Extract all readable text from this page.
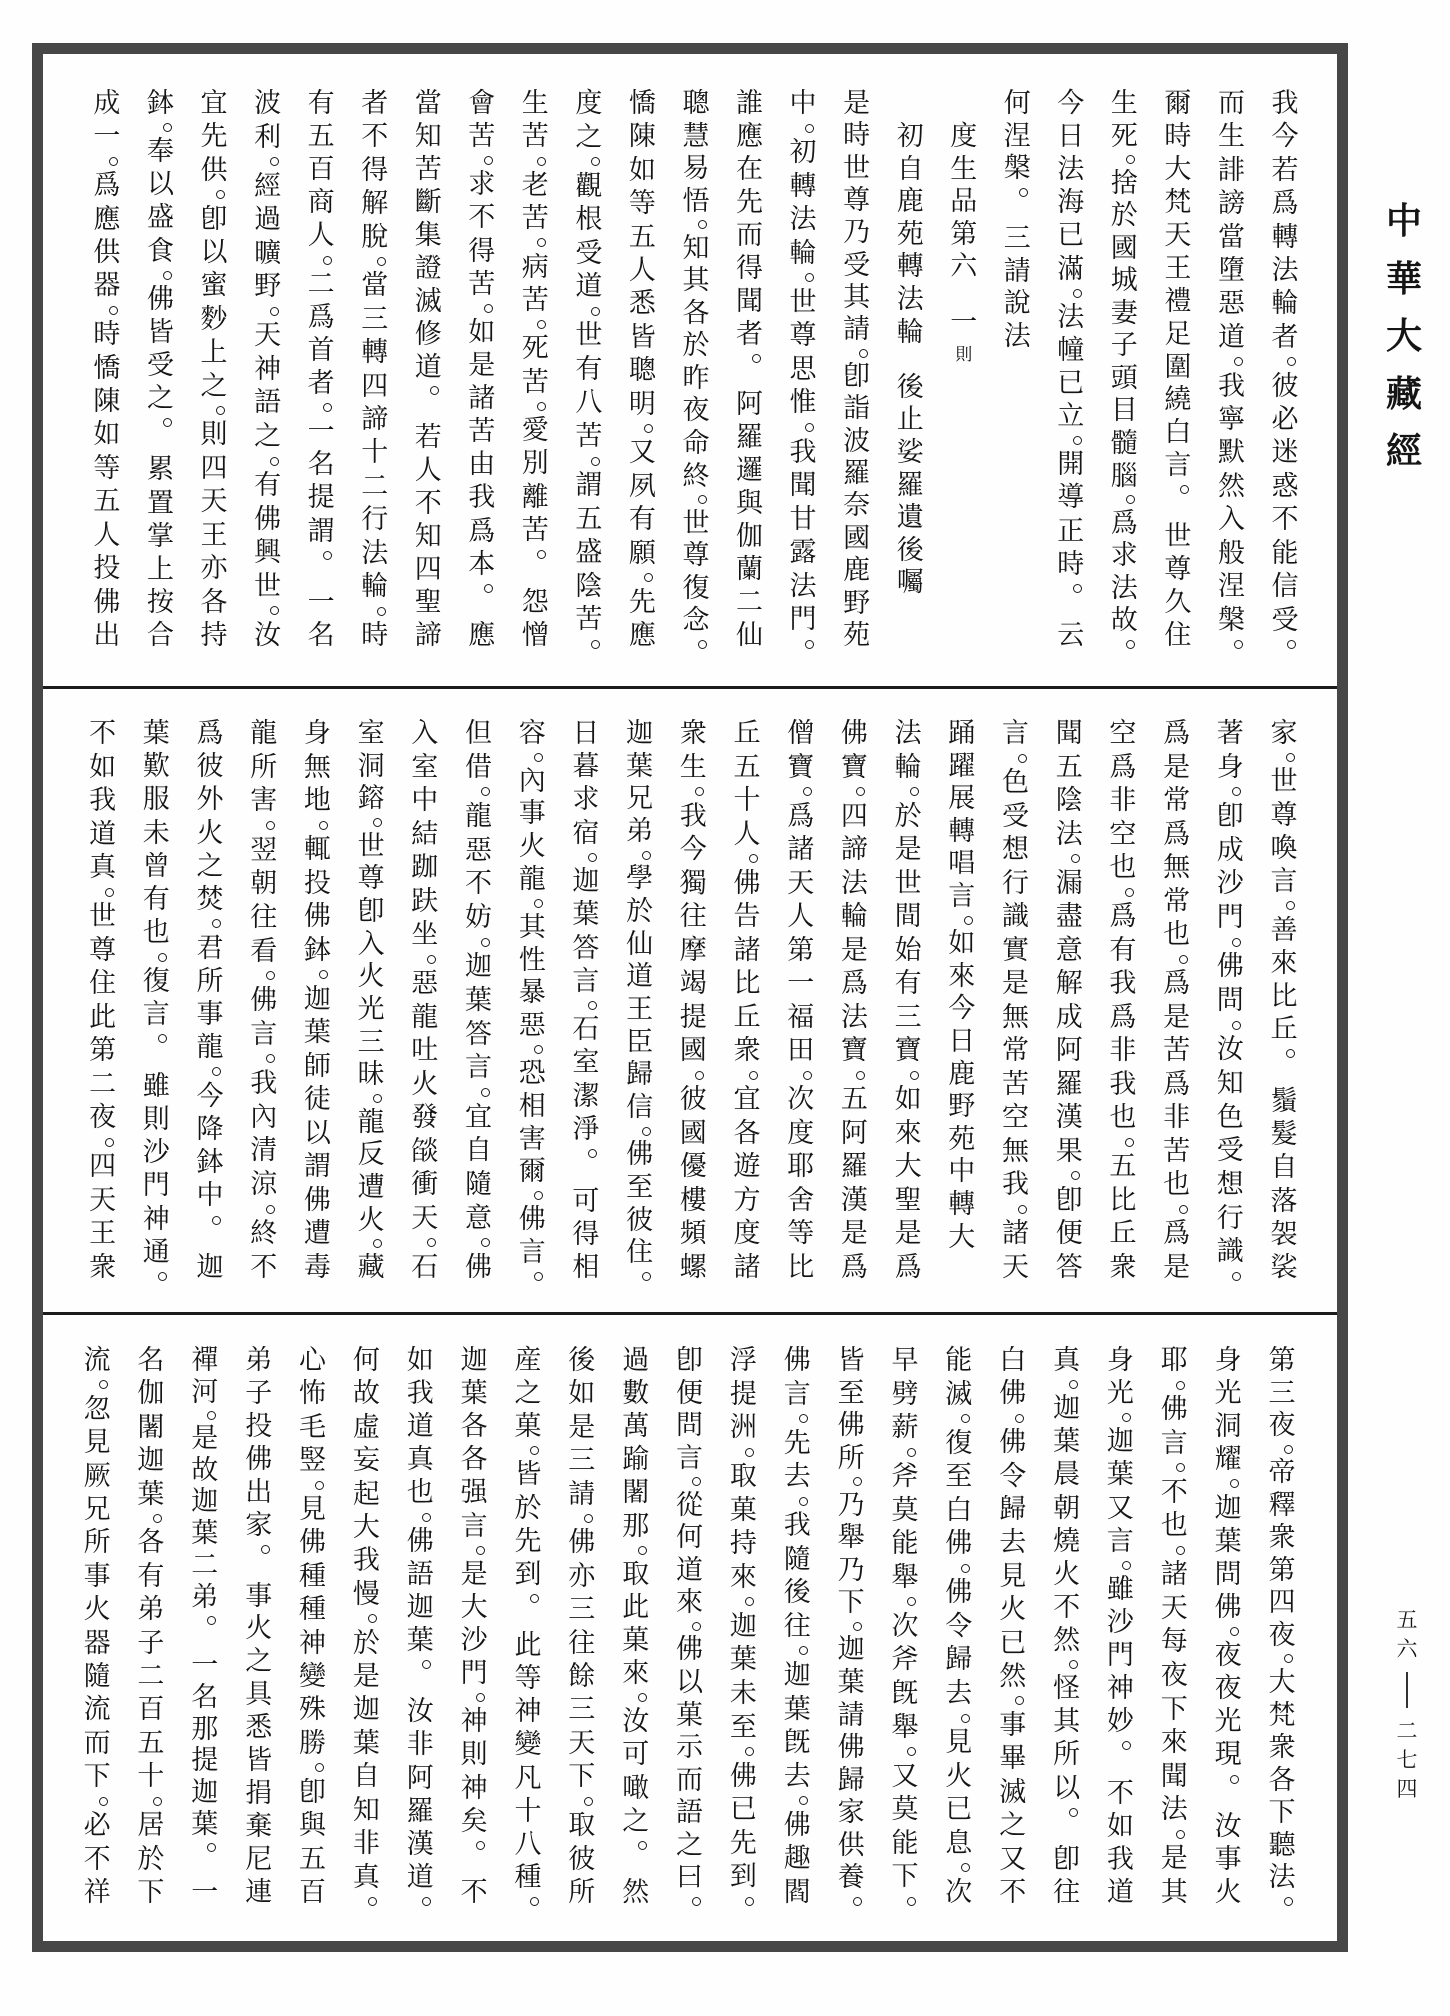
我
今
若
爲
轉
法
輪
者
彼
必
迷
惑
不
能
信
受
而
生
誹
謗
當
墮
惡
道
我
寧
默
然
入
般
涅
槃
爾
時
大
梵
天
王
禮
足
圍
繞
白
言
世
尊
久
住
生
死
捨
於
國
城
妻
子
頭
目
髓
腦
爲
求
法
故
今
日
法
海
已
滿
法
幢
已
立
開
導
正
時
云
何
涅
槃
三
請
說
法
度
生
品
第
六
一
則
初
自
鹿
苑
轉
法
輪
後
止
娑
羅
遺
後
囑
是
時
世
尊
乃
受
其
請
卽
詣
波
羅
奈
國
鹿
野
苑
中
初
轉
法
輪
世
尊
思
惟
我
聞
甘
露
法
門
誰
應
在
先
而
得
聞
者
阿
羅
邏
與
伽
蘭
二
仙
聰
慧
易
悟
知
其
各
於
昨
夜
命
終
世
尊
復
念
憍
陳
如
等
五
人
悉
皆
聰
明
又
夙
有
願
先
應
度
之
觀
根
受
道
世
有
八
苦
謂
五
盛
陰
苦
生
苦
老
苦
病
苦
死
苦
愛
別
離
苦
怨
憎
會
苦
求
不
得
苦
如
是
諸
苦
由
我
爲
本
應
當
知
苦
斷
集
證
滅
修
道
若
人
不
知
四
聖
諦
者
不
得
解
脫
當
三
轉
四
諦
十
二
行
法
輪
時
有
五
百
商
人
二
爲
首
者
一
名
提
謂
一
名
波
利
經
過
曠
野
天
神
語
之
有
佛
興
世
汝
宜
先
供
卽
以
蜜
麨
上
之
則
四
天
王
亦
各
持
鉢
奉
以
盛
食
佛
皆
受
之
累
置
掌
上
按
合
成
一
爲
應
供
器
時
憍
陳
如
等
五
人
投
佛
出
家
世
尊
喚
言
善
來
比
丘
鬚
髮
自
落
袈
裟
著
身
卽
成
沙
門
佛
問
汝
知
色
受
想
行
識
爲
是
常
爲
無
常
也
爲
是
苦
爲
非
苦
也
爲
是
空
爲
非
空
也
爲
有
我
爲
非
我
也
五
比
丘
衆
聞
五
陰
法
漏
盡
意
解
成
阿
羅
漢
果
卽
便
答
言
色
受
想
行
識
實
是
無
常
苦
空
無
我
諸
天
踊
躍
展
轉
唱
言
如
來
今
日
鹿
野
苑
中
轉
大
法
輪
於
是
世
間
始
有
三
寶
如
來
大
聖
是
爲
佛
寶
四
諦
法
輪
是
爲
法
寶
五
阿
羅
漢
是
爲
僧
寶
爲
諸
天
人
第
一
福
田
次
度
耶
舍
等
比
丘
五
十
人
佛
告
諸
比
丘
衆
宜
各
遊
方
度
諸
衆
生
我
今
獨
往
摩
竭
提
國
彼
國
優
樓
頻
螺
迦
葉
兄
弟
學
於
仙
道
王
臣
歸
信
佛
至
彼
住
日
暮
求
宿
迦
葉
答
言
石
室
潔
淨
可
得
相
容
內
事
火
龍
其
性
暴
惡
恐
相
害
爾
佛
言
但
借
龍
惡
不
妨
迦
葉
答
言
宜
自
隨
意
佛
入
室
中
結
跏
趺
坐
惡
龍
吐
火
發
燄
衝
天
石
室
洞
鎔
世
尊
卽
入
火
光
三
昧
龍
反
遭
火
藏
身
無
地
輒
投
佛
鉢
迦
葉
師
徒
以
謂
佛
遭
毒
龍
所
害
翌
朝
往
看
佛
言
我
內
清
涼
終
不
爲
彼
外
火
之
焚
君
所
事
龍
今
降
鉢
中
迦
葉
歎
服
未
曾
有
也
復
言
雖
則
沙
門
神
通
不
如
我
道
真
世
尊
住
此
第
二
夜
四
天
王
衆
第
三
夜
帝
釋
衆
第
四
夜
大
梵
衆
各
下
聽
法
身
光
洞
耀
迦
葉
問
佛
夜
夜
光
現
汝
事
火
耶
佛
言
不
也
諸
天
每
夜
下
來
聞
法
是
其
身
光
迦
葉
又
言
雖
沙
門
神
妙
不
如
我
道
真
迦
葉
晨
朝
燒
火
不
然
怪
其
所
以
卽
往
白
佛
佛
令
歸
去
見
火
已
然
事
畢
滅
之
又
不
能
滅
復
至
白
佛
佛
令
歸
去
見
火
已
息
次
早
劈
薪
斧
莫
能
舉
次
斧
旣
舉
又
莫
能
下
皆
至
佛
所
乃
舉
乃
下
迦
葉
請
佛
歸
家
供
養
佛
言
先
去
我
隨
後
往
迦
葉
旣
去
佛
趣
閻
浮
提
洲
取
菓
持
來
迦
葉
未
至
佛
已
先
到
卽
便
問
言
從
何
道
來
佛
以
菓
示
而
語
之
曰
過
數
萬
踰
闍
那
取
此
菓
來
汝
可
噉
之
然
後
如
是
三
請
佛
亦
三
往
餘
三
天
下
取
彼
所
産
之
菓
皆
於
先
到
此
等
神
變
凡
十
八
種
迦
葉
各
各
强
言
是
大
沙
門
神
則
神
矣
不
如
我
道
真
也
佛
語
迦
葉
汝
非
阿
羅
漢
道
何
故
虛
妄
起
大
我
慢
於
是
迦
葉
自
知
非
真
心
怖
毛
竪
見
佛
種
種
神
變
殊
勝
卽
與
五
百
弟
子
投
佛
出
家
事
火
之
具
悉
皆
捐
棄
尼
連
禪
河
是
故
迦
葉
二
弟
一
名
那
提
迦
葉
一
名
伽
闍
迦
葉
各
有
弟
子
二
百
五
十
居
於
下
流
忽
見
厥
兄
所
事
火
器
隨
流
而
下
必
不
祥
中
華
大
藏
經
五
六
二
七
四
